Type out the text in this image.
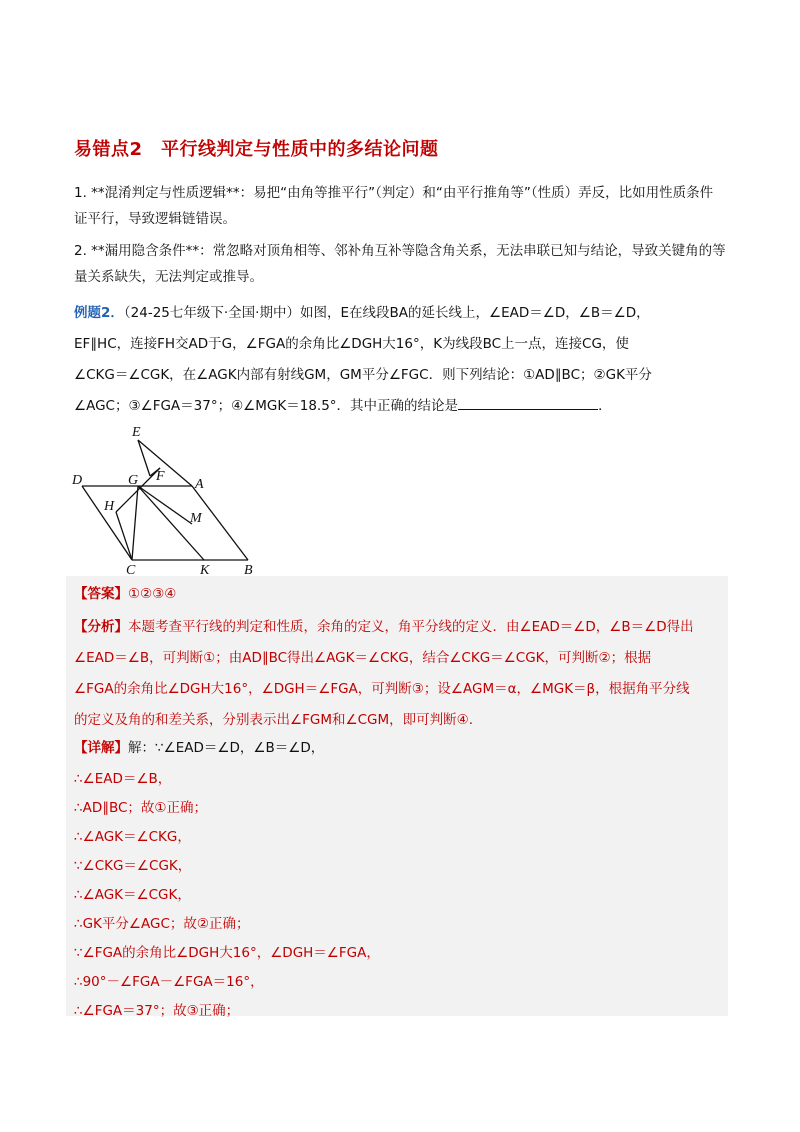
易错点2　平行线判定与性质中的多结论问题
1. **混淆判定与性质逻辑**：易把“由角等推平行”（判定）和“由平行推角等”（性质）弄反，比如用性质条件证平行，导致逻辑链错误。
2. **漏用隐含条件**：常忽略对顶角相等、邻补角互补等隐含角关系，无法串联已知与结论，导致关键角的等量关系缺失，无法判定或推导。
例题2．（24-25七年级下·全国·期中）如图，E在线段BA的延长线上，∠EAD＝∠D，∠B＝∠D，
EF∥HC，连接FH交AD于G，∠FGA的余角比∠DGH大16°，K为线段BC上一点，连接CG，使
∠CKG＝∠CGK，在∠AGK内部有射线GM，GM平分∠FGC．则下列结论：①AD∥BC；②GK平分
∠AGC；③∠FGA＝37°；④∠MGK＝18.5°．其中正确的结论是	．
E
F
D	G	A
H
M
C	K B
【答案】①②③④
【分析】本题考查平行线的判定和性质，余角的定义，角平分线的定义．由∠EAD＝∠D，∠B＝∠D得出
∠EAD＝∠B，可判断①；由AD∥BC得出∠AGK＝∠CKG，结合∠CKG＝∠CGK，可判断②；根据
∠FGA的余角比∠DGH大16°，∠DGH＝∠FGA，可判断③；设∠AGM＝α，∠MGK＝β，根据角平分线
的定义及角的和差关系，分别表示出∠FGM和∠CGM，即可判断④.
【详解】解：∵∠EAD＝∠D，∠B＝∠D，
∴∠EAD＝∠B，
∴AD∥BC；故①正确；
∴∠AGK＝∠CKG，
∵∠CKG＝∠CGK，
∴∠AGK＝∠CGK，
∴GK平分∠AGC；故②正确；
∵∠FGA的余角比∠DGH大16°，∠DGH＝∠FGA，
∴90°－∠FGA－∠FGA＝16°，
∴∠FGA＝37°；故③正确；
